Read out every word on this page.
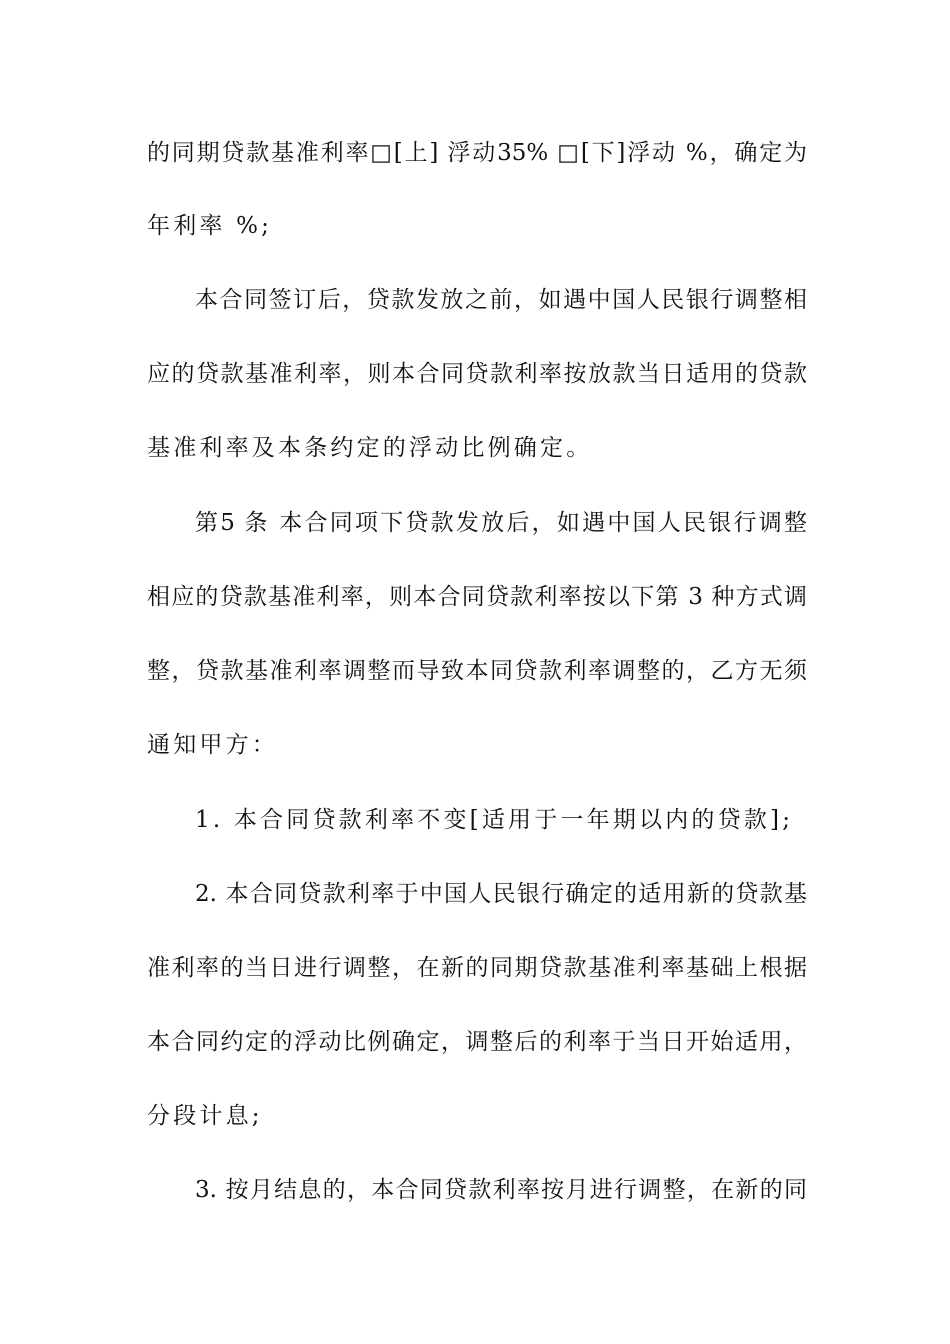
的同期贷款基准利率□[上] 浮动35% □[下]浮动 %，确定为
年利率 %;
本合同签订后，贷款发放之前，如遇中国人民银行调整相
应的贷款基准利率，则本合同贷款利率按放款当日适用的贷款
基准利率及本条约定的浮动比例确定。
第5 条 本合同项下贷款发放后，如遇中国人民银行调整
相应的贷款基准利率，则本合同贷款利率按以下第 3 种方式调
整，贷款基准利率调整而导致本同贷款利率调整的，乙方无须
通知甲方：
1. 本合同贷款利率不变[适用于一年期以内的贷款];
2. 本合同贷款利率于中国人民银行确定的适用新的贷款基
准利率的当日进行调整，在新的同期贷款基准利率基础上根据
本合同约定的浮动比例确定，调整后的利率于当日开始适用，
分段计息;
3. 按月结息的，本合同贷款利率按月进行调整，在新的同
